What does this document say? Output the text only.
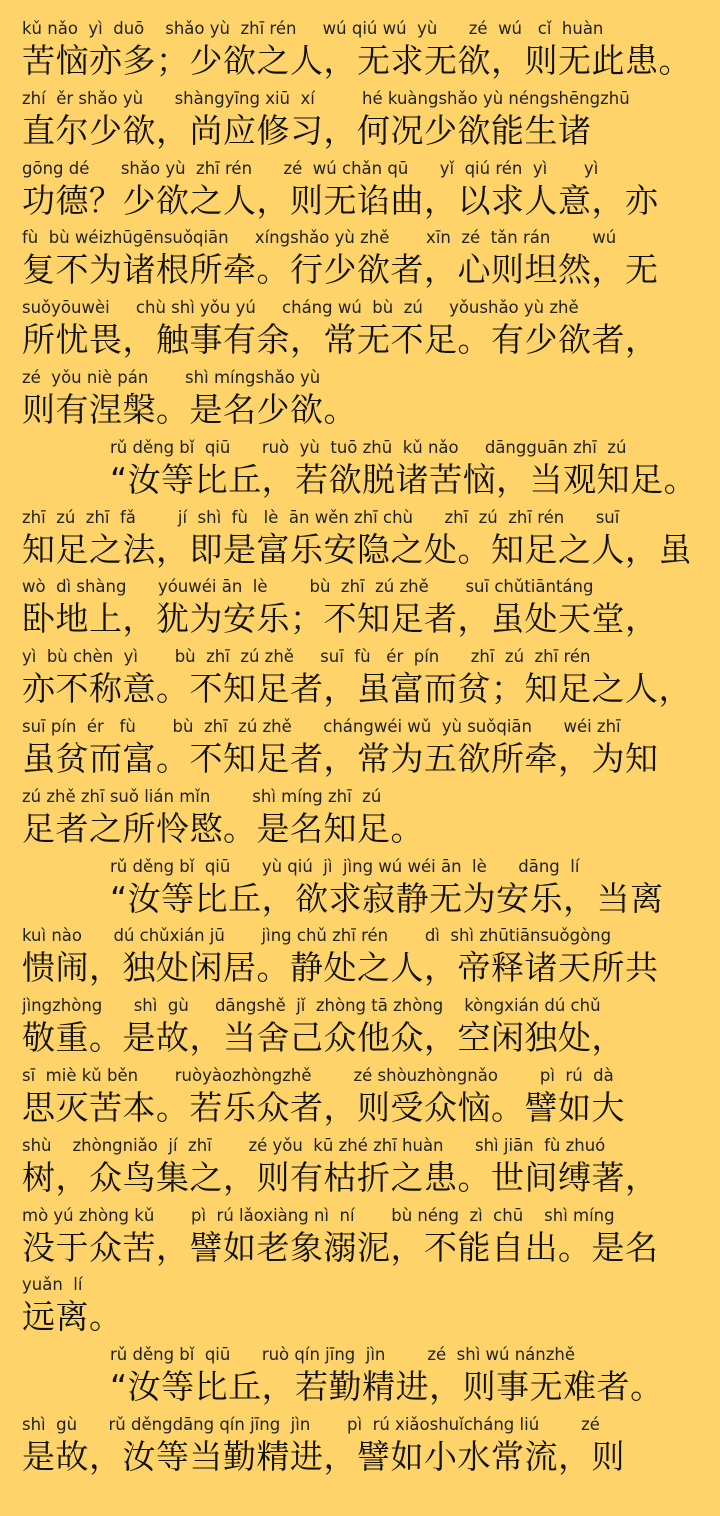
kǔ nǎo  yì  duō    shǎo yù  zhī rén     wú qiú wú  yù      zé  wú   cǐ  huàn
苦恼亦多；少欲之人，无求无欲，则无此患。
zhí  ěr shǎo yù      shàngyīng xiū  xí         hé kuàngshǎo yù néngshēngzhū
直尔少欲，尚应修习，何况少欲能生诸
gōng dé      shǎo yù  zhī rén      zé  wú chǎn qū      yǐ  qiú rén  yì       yì
功德？少欲之人，则无谄曲，以求人意，亦
fù  bù wéizhūgēnsuǒqiān     xíngshǎo yù zhě       xīn  zé  tǎn rán        wú
复不为诸根所牵。行少欲者，心则坦然，无
suǒyōuwèi     chù shì yǒu yú     cháng wú  bù  zú     yǒushǎo yù zhě
所忧畏，触事有余，常无不足。有少欲者，
zé  yǒu niè pán       shì míngshǎo yù
则有涅槃。是名少欲。
rǔ děng bǐ  qiū      ruò  yù  tuō zhū  kǔ nǎo     dāngguān zhī  zú
“汝等比丘，若欲脱诸苦恼，当观知足。
zhī  zú  zhī  fǎ        jí  shì  fù   lè  ān wěn zhī chù      zhī  zú  zhī rén      suī
知足之法，即是富乐安隐之处。知足之人，虽
wò  dì shàng      yóuwéi ān  lè        bù  zhī  zú zhě       suī chǔtiāntáng
卧地上，犹为安乐；不知足者，虽处天堂，
yì  bù chèn  yì       bù  zhī  zú zhě     suī  fù   ér  pín      zhī  zú  zhī rén
亦不称意。不知足者，虽富而贫；知足之人，
suī pín  ér   fù       bù  zhī  zú zhě      chángwéi wǔ  yù suǒqiān      wéi zhī
虽贫而富。不知足者，常为五欲所牵，为知
zú zhě zhī suǒ lián mǐn        shì míng zhī  zú
足者之所怜愍。是名知足。
rǔ děng bǐ  qiū      yù qiú  jì  jìng wú wéi ān  lè      dāng  lí
“汝等比丘，欲求寂静无为安乐，当离
kuì nào      dú chǔxián jū       jìng chǔ zhī rén       dì  shì zhūtiānsuǒgòng
愦闹，独处闲居。静处之人，帝释诸天所共
jìngzhòng      shì  gù     dāngshě  jǐ  zhòng tā zhòng    kòngxián dú chǔ
敬重。是故，当舍己众他众，空闲独处，
sī  miè kǔ běn       ruòyàozhòngzhě        zé shòuzhòngnǎo        pì  rú  dà
思灭苦本。若乐众者，则受众恼。譬如大
shù    zhòngniǎo  jí  zhī       zé yǒu  kū zhé zhī huàn      shì jiān  fù zhuó
树，众鸟集之，则有枯折之患。世间缚著，
mò yú zhòng kǔ       pì  rú lǎoxiàng nì  ní       bù néng  zì  chū    shì míng
没于众苦，譬如老象溺泥，不能自出。是名
yuǎn  lí
远离。
rǔ děng bǐ  qiū      ruò qín jīng  jìn        zé  shì wú nánzhě
“汝等比丘，若勤精进，则事无难者。
shì  gù      rǔ děngdāng qín jīng  jìn       pì  rú xiǎoshuǐcháng liú        zé
是故，汝等当勤精进，譬如小水常流，则
